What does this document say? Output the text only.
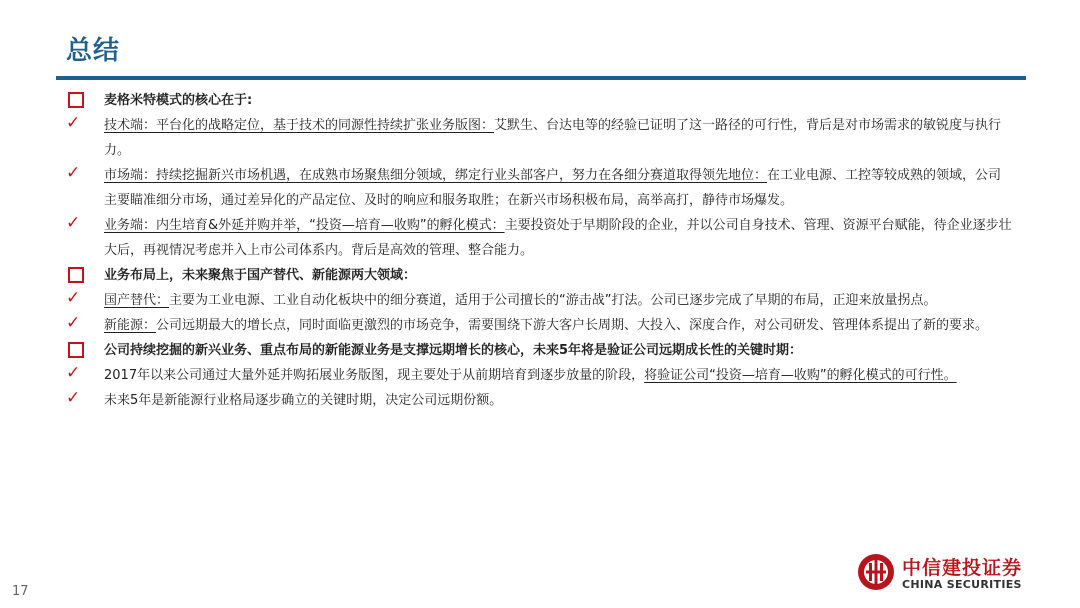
总结
麦格米特模式的核心在于:
✓ 技术端：平台化的战略定位，基于技术的同源性持续扩张业务版图：艾默生、台达电等的经验已证明了这一路径的可行性，背后是对市场需求的敏锐度与执行力。
✓ 市场端：持续挖掘新兴市场机遇，在成熟市场聚焦细分领域，绑定行业头部客户，努力在各细分赛道取得领先地位：在工业电源、工控等较成熟的领域，公司主要瞄准细分市场，通过差异化的产品定位、及时的响应和服务取胜；在新兴市场积极布局，高举高打，静待市场爆发。
✓ 业务端：内生培育&外延并购并举，“投资—培育—收购”的孵化模式：主要投资处于早期阶段的企业，并以公司自身技术、管理、资源平台赋能，待企业逐步壮大后，再视情况考虑并入上市公司体系内。背后是高效的管理、整合能力。
业务布局上，未来聚焦于国产替代、新能源两大领域：
✓ 国产替代：主要为工业电源、工业自动化板块中的细分赛道，适用于公司擅长的“游击战”打法。公司已逐步完成了早期的布局，正迎来放量拐点。
✓ 新能源：公司远期最大的增长点，同时面临更激烈的市场竞争，需要围绕下游大客户长周期、大投入、深度合作，对公司研发、管理体系提出了新的要求。
公司持续挖掘的新兴业务、重点布局的新能源业务是支撑远期增长的核心，未来5年将是验证公司远期成长性的关键时期：
✓ 2017年以来公司通过大量外延并购拓展业务版图，现主要处于从前期培育到逐步放量的阶段，将验证公司“投资—培育—收购”的孵化模式的可行性。
✓ 未来5年是新能源行业格局逐步确立的关键时期，决定公司远期份额。
17
中信建投证券
CHINA SECURITIES
